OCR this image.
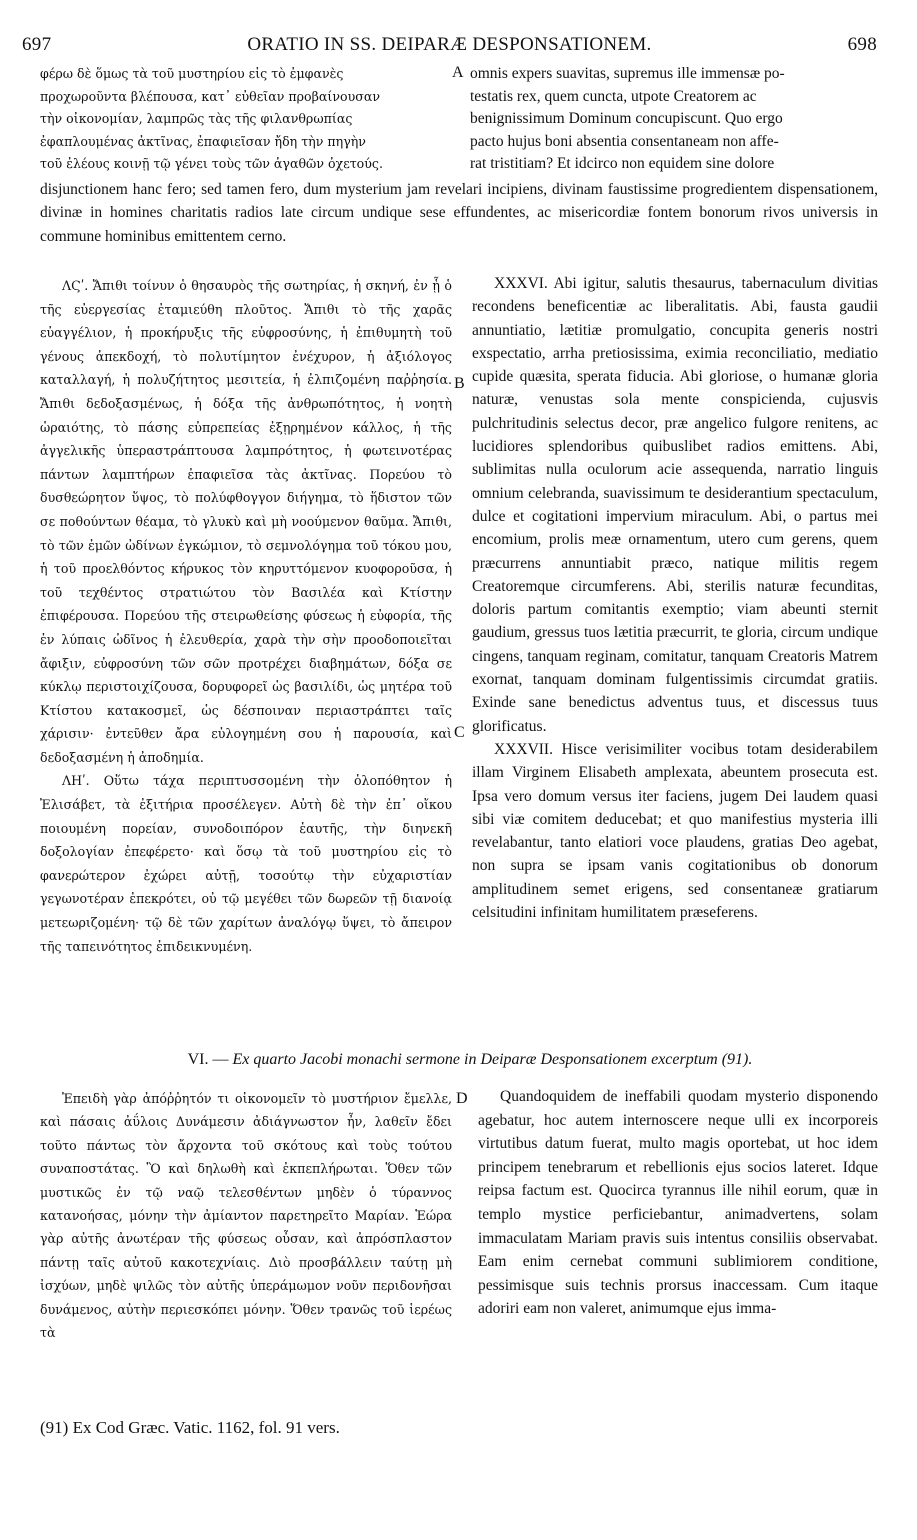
697	ORATIO IN SS. DEIPARÆ DESPONSATIONEM.	698

φέρω δὲ ὅμως τὰ τοῦ μυστηρίου εἰς τὸ ἐμφανὲς

προχωροῦντα βλέπουσα, κατ᾽ εὐθεῖαν προβαίνουσαν

τὴν οἰκονομίαν, λαμπρῶς τὰς τῆς φιλανθρωπίας

ἐφαπλουμένας ἀκτῖνας, ἐπαφιεῖσαν ἤδη τὴν πηγὴν

τοῦ ἐλέους κοινῇ τῷ γένει τοὺς τῶν ἀγαθῶν ὀχετούς.

A omnis expers suavitas, supremus ille immensæ po-

testatis rex, quem cuncta, utpote Creatorem ac

benignissimum Dominum concupiscunt. Quo ergo

pacto hujus boni absentia consentaneam non affe-

rat tristitiam? Et idcirco non equidem sine dolore

disjunctionem hanc fero; sed tamen fero, dum mysterium jam revelari incipiens, divinam faustissime progredientem dispensationem, divinæ in homines charitatis radios late circum undique sese effundentes, ac misericordiæ fontem bonorum rivos universis in commune hominibus emittentem cerno.

ΛϚʹ. Ἄπιθι τοίνυν ὁ θησαυρὸς τῆς σωτηρίας, ἡ σκηνή, ἐν ᾗ ὁ τῆς εὐεργεσίας ἐταμιεύθη πλοῦτος. Ἄπιθι τὸ τῆς χαρᾶς εὐαγγέλιον, ἡ προκήρυξις τῆς εὐφροσύνης, ἡ ἐπιθυμητὴ τοῦ γένους ἀπεκδοχή, τὸ πολυτίμητον ἐνέχυρον, ἡ ἀξιόλογος καταλλαγή, ἡ πολυζήτητος μεσιτεία, ἡ ἐλπιζομένη παῤῥησία. Ἄπιθι δεδοξασμένως, ἡ δόξα τῆς ἀνθρωπότητος, ἡ νοητὴ ὡραιότης, τὸ πάσης εὐπρεπείας ἐξῃρημένον κάλλος, ἡ τῆς ἀγγελικῆς ὑπεραστράπτουσα λαμπρότητος, ἡ φωτεινοτέρας πάντων λαμπτήρων ἐπαφιεῖσα τὰς ἀκτῖνας. Πορεύου τὸ δυσθεώρητον ὕψος, τὸ πολύφθογγον διήγημα, τὸ ἥδιστον τῶν σε ποθούντων θέαμα, τὸ γλυκὺ καὶ μὴ νοούμενον θαῦμα. Ἄπιθι, τὸ τῶν ἐμῶν ὠδίνων ἐγκώμιον, τὸ σεμνολόγημα τοῦ τόκου μου, ἡ τοῦ προελθόντος κήρυκος τὸν κηρυττόμενον κυοφοροῦσα, ἡ τοῦ τεχθέντος στρατιώτου τὸν Βασιλέα καὶ Κτίστην ἐπιφέρουσα. Πορεύου τῆς στειρωθείσης φύσεως ἡ εὐφορία, τῆς ἐν λύπαις ὠδῖνος ἡ ἐλευθερία, χαρὰ τὴν σὴν προοδοποιεῖται ἄφιξιν, εὐφροσύνη τῶν σῶν προτρέχει διαβημάτων, δόξα σε κύκλῳ περιστοιχίζουσα, δορυφορεῖ ὡς βασιλίδι, ὡς μητέρα τοῦ Κτίστου κατακοσμεῖ, ὡς δέσποιναν περιαστράπτει ταῖς χάρισιν· ἐντεῦθεν ἄρα εὐλογημένη σου ἡ παρουσία, καὶ δεδοξασμένη ἡ ἀποδημία.

ΛΗʹ. Οὕτω τάχα περιπτυσσομένη τὴν ὁλοπόθητον ἡ Ἐλισάβετ, τὰ ἐξιτήρια προσέλεγεν. Αὐτὴ δὲ τὴν ἐπ᾽ οἴκου ποιουμένη πορείαν, συνοδοιπόρον ἑαυτῆς, τὴν διηνεκῆ δοξολογίαν ἐπεφέρετο· καὶ ὅσῳ τὰ τοῦ μυστηρίου εἰς τὸ φανερώτερον ἐχώρει αὐτῇ, τοσούτῳ τὴν εὐχαριστίαν γεγωνοτέραν ἐπεκρότει, οὐ τῷ μεγέθει τῶν δωρεῶν τῇ διανοίᾳ μετεωριζομένη· τῷ δὲ τῶν χαρίτων ἀναλόγῳ ὕψει, τὸ ἄπειρον τῆς ταπεινότητος ἐπιδεικνυμένη.

B
C

XXXVI. Abi igitur, salutis thesaurus, tabernaculum divitias recondens beneficentiæ ac liberalitatis. Abi, fausta gaudii annuntiatio, lætitiæ promulgatio, concupita generis nostri exspectatio, arrha pretiosissima, eximia reconciliatio, mediatio cupide quæsita, sperata fiducia. Abi gloriose, o humanæ gloria naturæ, venustas sola mente conspicienda, cujusvis pulchritudinis selectus decor, præ angelico fulgore renitens, ac lucidiores splendoribus quibuslibet radios emittens. Abi, sublimitas nulla oculorum acie assequenda, narratio linguis omnium celebranda, suavissimum te desiderantium spectaculum, dulce et cogitationi impervium miraculum. Abi, o partus mei encomium, prolis meæ ornamentum, utero cum gerens, quem præcurrens annuntiabit præco, natique militis regem Creatoremque circumferens. Abi, sterilis naturæ fecunditas, doloris partum comitantis exemptio; viam abeunti sternit gaudium, gressus tuos lætitia præcurrit, te gloria, circum undique cingens, tanquam reginam, comitatur, tanquam Creatoris Matrem exornat, tanquam dominam fulgentissimis circumdat gratiis. Exinde sane benedictus adventus tuus, et discessus tuus glorificatus.

XXXVII. Hisce verisimiliter vocibus totam desiderabilem illam Virginem Elisabeth amplexata, abeuntem prosecuta est. Ipsa vero domum versus iter faciens, jugem Dei laudem quasi sibi viæ comitem deducebat; et quo manifestius mysteria illi revelabantur, tanto elatiori voce plaudens, gratias Deo agebat, non supra se ipsam vanis cogitationibus ob donorum amplitudinem semet erigens, sed consentaneæ gratiarum celsitudini infinitam humilitatem præseferens.

VI. — Ex quarto Jacobi monachi sermone in Deiparæ Desponsationem excerptum (91).

Ἐπειδὴ γὰρ ἀπόῤῥητόν τι οἰκονομεῖν τὸ μυστήριον ἔμελλε, καὶ πάσαις ἀΰλοις Δυνάμεσιν ἀδιάγνωστον ἦν, λαθεῖν ἔδει τοῦτο πάντως τὸν ἄρχοντα τοῦ σκότους καὶ τοὺς τούτου συναποστάτας. Ὃ καὶ δηλωθὴ καὶ ἐκπεπλήρωται. Ὅθεν τῶν μυστικῶς ἐν τῷ ναῷ τελεσθέντων μηδὲν ὁ τύραννος κατανοήσας, μόνην τὴν ἀμίαντον παρετηρεῖτο Μαρίαν. Ἑώρα γὰρ αὐτῆς ἀνωτέραν τῆς φύσεως οὖσαν, καὶ ἀπρόσπλαστον πάντῃ ταῖς αὐτοῦ κακοτεχνίαις. Διὸ προσβάλλειν ταύτῃ μὴ ἰσχύων, μηδὲ ψιλῶς τὸν αὐτῆς ὑπεράμωμον νοῦν περιδονῆσαι δυνάμενος, αὐτὴν περιεσκόπει μόνην. Ὅθεν τρανῶς τοῦ ἱερέως τὰ

D	Quandoquidem de ineffabili quodam mysterio disponendo agebatur, hoc autem internoscere neque ulli ex incorporeis virtutibus datum fuerat, multo magis oportebat, ut hoc idem principem tenebrarum et rebellionis ejus socios lateret. Idque reipsa factum est. Quocirca tyrannus ille nihil eorum, quæ in templo mystice perficiebantur, animadvertens, solam immaculatam Mariam pravis suis intentus consiliis observabat. Eam enim cernebat communi sublimiorem conditione, pessimisque suis technis prorsus inaccessam. Cum itaque adoriri eam non valeret, animumque ejus imma-

(91) Ex Cod Græc. Vatic. 1162, fol. 91 vers.
